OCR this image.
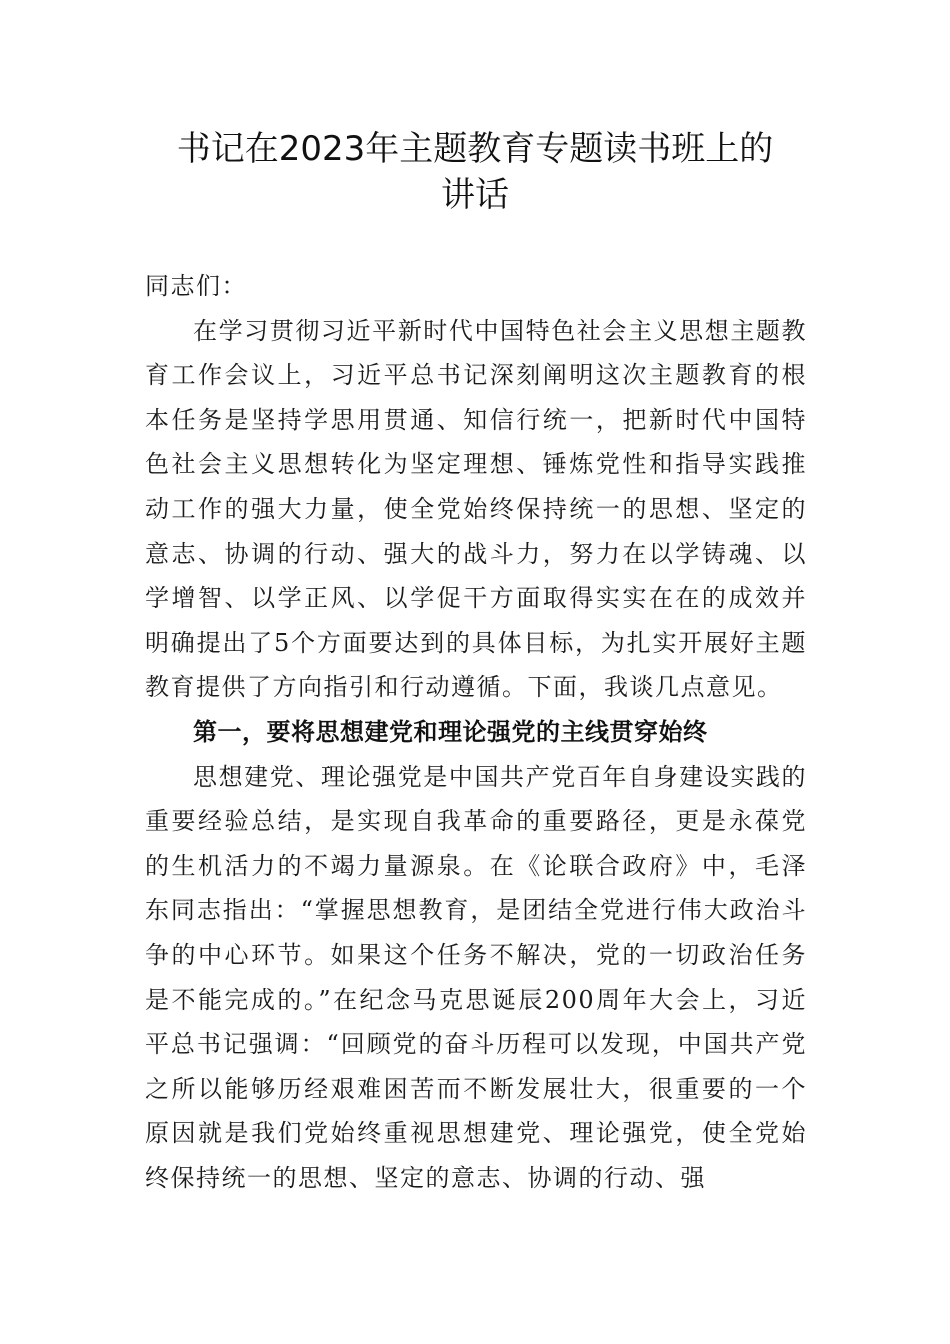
书记在2023年主题教育专题读书班上的
讲话

同志们：

在学习贯彻习近平新时代中国特色社会主义思想主题教育工作会议上，习近平总书记深刻阐明这次主题教育的根本任务是坚持学思用贯通、知信行统一，把新时代中国特色社会主义思想转化为坚定理想、锤炼党性和指导实践推动工作的强大力量，使全党始终保持统一的思想、坚定的意志、协调的行动、强大的战斗力，努力在以学铸魂、以学增智、以学正风、以学促干方面取得实实在在的成效并明确提出了5个方面要达到的具体目标，为扎实开展好主题教育提供了方向指引和行动遵循。下面，我谈几点意见。

第一，要将思想建党和理论强党的主线贯穿始终

思想建党、理论强党是中国共产党百年自身建设实践的重要经验总结，是实现自我革命的重要路径，更是永葆党的生机活力的不竭力量源泉。在《论联合政府》中，毛泽东同志指出：“掌握思想教育，是团结全党进行伟大政治斗争的中心环节。如果这个任务不解决，党的一切政治任务是不能完成的。”在纪念马克思诞辰200周年大会上，习近平总书记强调：“回顾党的奋斗历程可以发现，中国共产党之所以能够历经艰难困苦而不断发展壮大，很重要的一个原因就是我们党始终重视思想建党、理论强党，使全党始终保持统一的思想、坚定的意志、协调的行动、强
